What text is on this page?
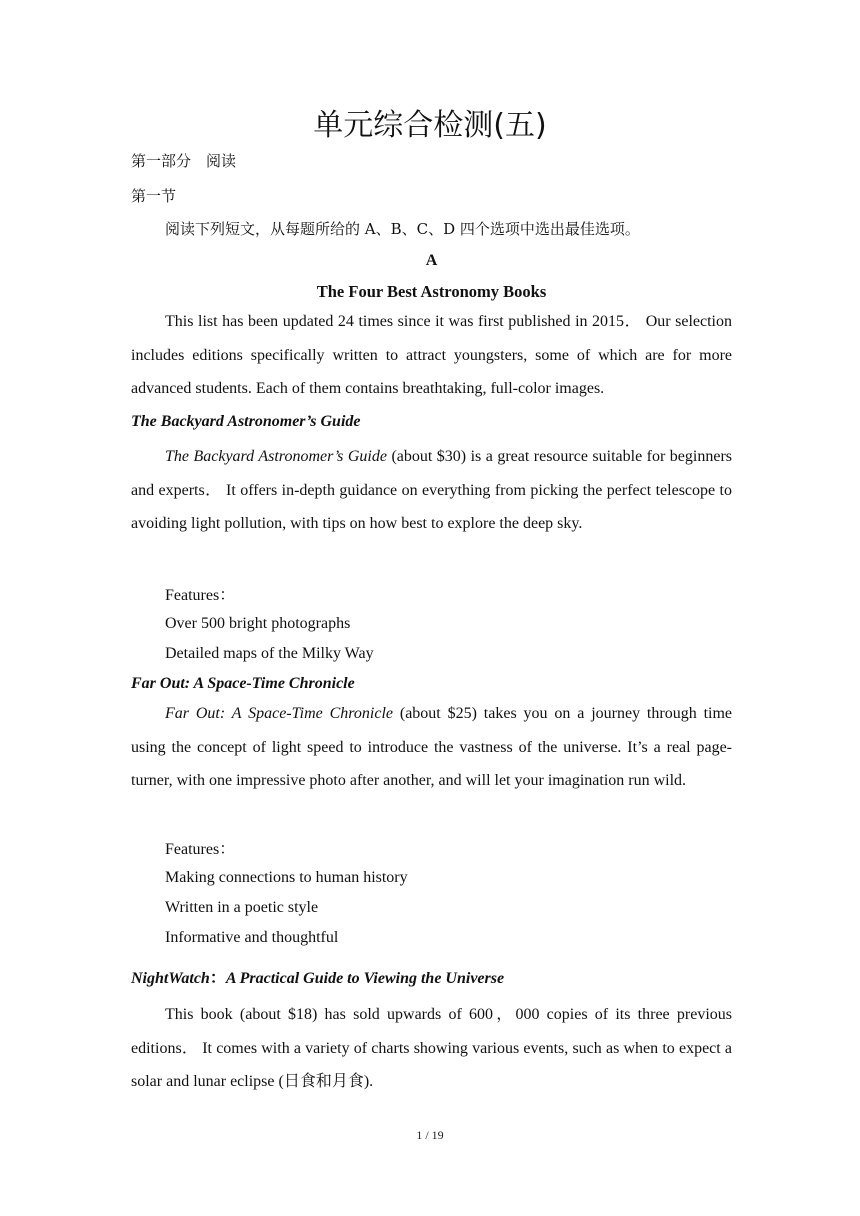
单元综合检测(五)
第一部分　阅读
第一节
阅读下列短文，从每题所给的 A、B、C、D 四个选项中选出最佳选项。
A
The Four Best Astronomy Books

This list has been updated 24 times since it was first published in 2015． Our selection includes editions specifically written to attract youngsters, some of which are for more advanced students. Each of them contains breathtaking, full-color images.

The Backyard Astronomer’s Guide

The Backyard Astronomer’s Guide (about $30) is a great resource suitable for beginners and experts． It offers in-depth guidance on everything from picking the perfect telescope to avoiding light pollution, with tips on how best to explore the deep sky.

Features：
Over 500 bright photographs
Detailed maps of the Milky Way
Far Out: A Space-Time Chronicle

Far Out: A Space-Time Chronicle (about $25) takes you on a journey through time using the concept of light speed to introduce the vastness of the universe. It’s a real page-turner, with one impressive photo after another, and will let your imagination run wild.

Features：
Making connections to human history
Written in a poetic style
Informative and thoughtful
NightWatch：A Practical Guide to Viewing the Universe

This book (about $18) has sold upwards of 600，000 copies of its three previous editions． It comes with a variety of charts showing various events, such as when to expect a solar and lunar eclipse (日食和月食).

1 / 19
